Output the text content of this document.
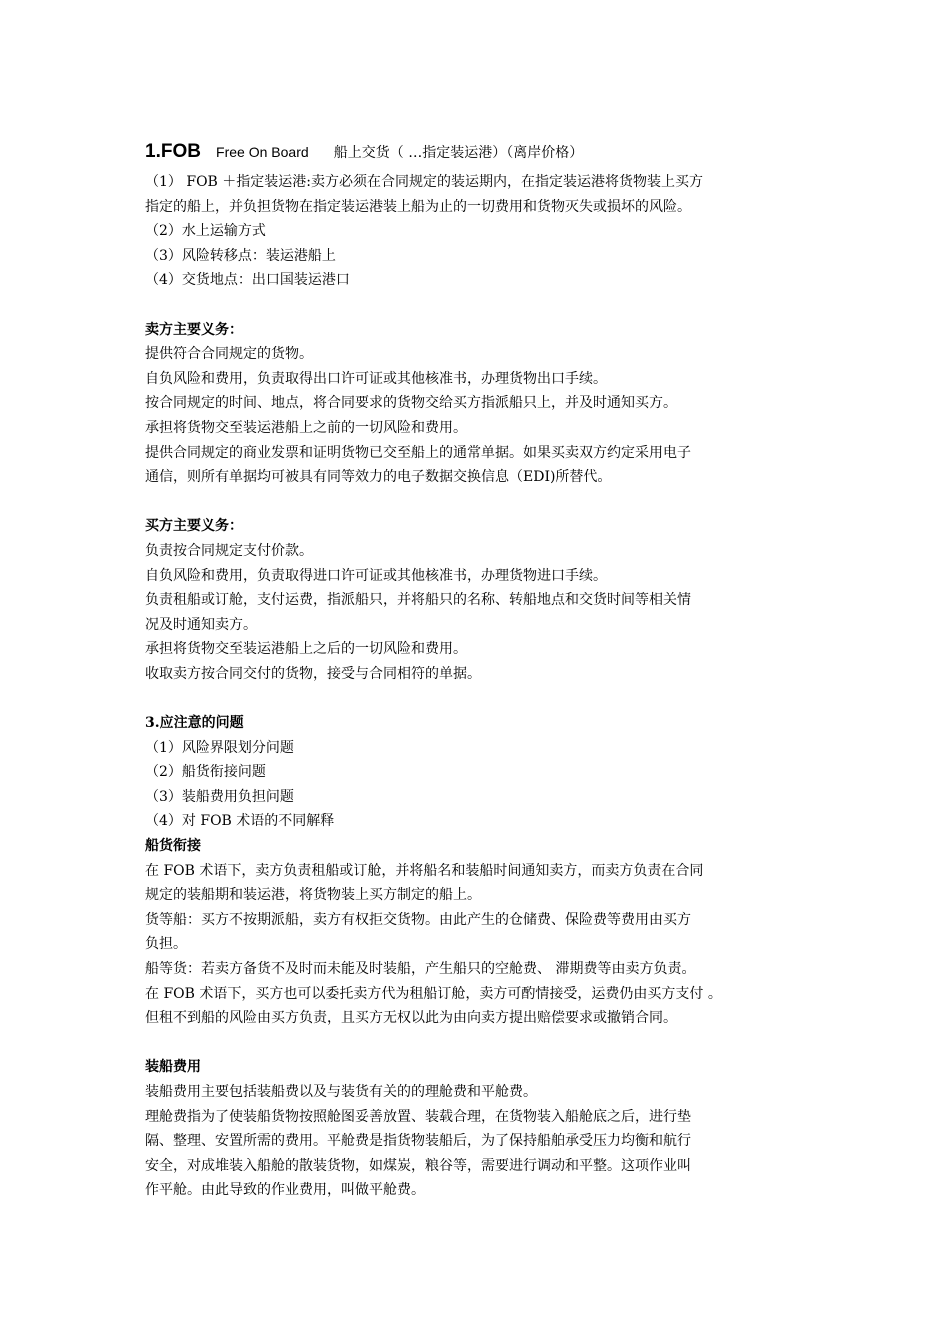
1.FOB Free On Board 船上交货（ …指定装运港）（离岸价格）
（1） FOB ＋指定装运港:卖方必须在合同规定的装运期内，在指定装运港将货物装上买方
指定的船上，并负担货物在指定装运港装上船为止的一切费用和货物灭失或损坏的风险。
（2）水上运输方式
（3）风险转移点：装运港船上
（4）交货地点：出口国装运港口
卖方主要义务：
提供符合合同规定的货物。
自负风险和费用，负责取得出口许可证或其他核准书，办理货物出口手续。
按合同规定的时间、地点，将合同要求的货物交给买方指派船只上，并及时通知买方。
承担将货物交至装运港船上之前的一切风险和费用。
提供合同规定的商业发票和证明货物已交至船上的通常单据。如果买卖双方约定采用电子
通信，则所有单据均可被具有同等效力的电子数据交换信息（EDI)所替代。
买方主要义务：
负责按合同规定支付价款。
自负风险和费用，负责取得进口许可证或其他核准书，办理货物进口手续。
负责租船或订舱，支付运费，指派船只，并将船只的名称、转船地点和交货时间等相关情
况及时通知卖方。
承担将货物交至装运港船上之后的一切风险和费用。
收取卖方按合同交付的货物，接受与合同相符的单据。
3.应注意的问题
（1）风险界限划分问题
（2）船货衔接问题
（3）装船费用负担问题
（4）对 FOB 术语的不同解释
船货衔接
在 FOB 术语下，卖方负责租船或订舱，并将船名和装船时间通知卖方，而卖方负责在合同
规定的装船期和装运港，将货物装上买方制定的船上。
货等船：买方不按期派船，卖方有权拒交货物。由此产生的仓储费、保险费等费用由买方
负担。
船等货：若卖方备货不及时而未能及时装船，产生船只的空舱费、 滞期费等由卖方负责。
在 FOB 术语下，买方也可以委托卖方代为租船订舱，卖方可酌情接受，运费仍由买方支付 。
但租不到船的风险由买方负责，且买方无权以此为由向卖方提出赔偿要求或撤销合同。
装船费用
装船费用主要包括装船费以及与装货有关的的理舱费和平舱费。
理舱费指为了使装船货物按照舱图妥善放置、装载合理，在货物装入船舱底之后，进行垫
隔、整理、安置所需的费用。平舱费是指货物装船后，为了保持船舶承受压力均衡和航行
安全，对成堆装入船舱的散装货物，如煤炭，粮谷等，需要进行调动和平整。这项作业叫
作平舱。由此导致的作业费用，叫做平舱费。
